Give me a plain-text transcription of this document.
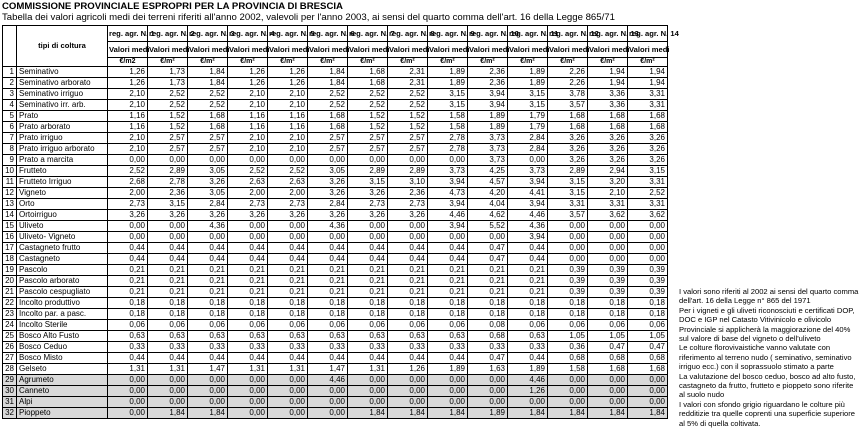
COMMISSIONE PROVINCIALE ESPROPRI PER LA PROVINCIA DI BRESCIA

Tabella dei valori agricoli medi dei terreni riferiti all'anno 2002, valevoli per l'anno 2003, ai sensi del quarto comma dell'art. 16 della Legge 865/71

	tipi di coltura	reg. agr. N. 1	reg. agr. N. 2	reg. agr. N. 3	reg. agr. N. 4	reg. agr. N. 5	reg. agr. N. 6	reg. agr. N. 7	reg. agr. N. 8	reg. agr. N. 9	reg. agr. N. 10	reg. agr. N. 11	reg. agr. N. 12	reg. agr. N. 13	reg. agr. N. 14
		Valori medi	Valori medi	Valori medi	Valori medi	Valori medi	Valori medi	Valori medi	Valori medi	Valori medi	Valori medi	Valori medi	Valori medi	Valori medi	Valori medi
		€/m2	€/m²	€/m²	€/m²	€/m²	€/m²	€/m²	€/m²	€/m²	€/m²	€/m²	€/m²	€/m²	€/m²
1	Seminativo	1,26	1,73	1,84	1,26	1,26	1,84	1,68	2,31	1,89	2,36	1,89	2,26	1,94	1,94
2	Seminativo arborato	1,26	1,73	1,84	1,26	1,26	1,84	1,68	2,31	1,89	2,36	1,89	2,26	1,94	1,94
3	Seminativo irriguo	2,10	2,52	2,52	2,10	2,10	2,52	2,52	2,52	3,15	3,94	3,15	3,78	3,36	3,31
4	Seminativo irr. arb.	2,10	2,52	2,52	2,10	2,10	2,52	2,52	2,52	3,15	3,94	3,15	3,57	3,36	3,31
5	Prato	1,16	1,52	1,68	1,16	1,16	1,68	1,52	1,52	1,58	1,89	1,79	1,68	1,68	1,68
6	Prato arborato	1,16	1,52	1,68	1,16	1,16	1,68	1,52	1,52	1,58	1,89	1,79	1,68	1,68	1,68
7	Prato irriguo	2,10	2,57	2,57	2,10	2,10	2,57	2,57	2,57	2,78	3,73	2,84	3,26	3,26	3,26
8	Prato irriguo arborato	2,10	2,57	2,57	2,10	2,10	2,57	2,57	2,57	2,78	3,73	2,84	3,26	3,26	3,26
9	Prato a marcita	0,00	0,00	0,00	0,00	0,00	0,00	0,00	0,00	0,00	3,73	0,00	3,26	3,26	3,26
10	Frutteto	2,52	2,89	3,05	2,52	2,52	3,05	2,89	2,89	3,73	4,25	3,73	2,89	2,94	3,15
11	Frutteto Irriguo	2,68	2,78	3,26	2,63	2,63	3,26	3,15	3,10	3,94	4,57	3,94	3,15	3,20	3,31
12	Vigneto	2,00	2,36	3,05	2,00	2,00	3,26	3,26	2,36	4,73	4,20	4,41	3,15	2,10	2,52
13	Orto	2,73	3,15	2,84	2,73	2,73	2,84	2,73	2,73	3,94	4,04	3,94	3,31	3,31	3,31
14	Ortoirriguo	3,26	3,26	3,26	3,26	3,26	3,26	3,26	3,26	4,46	4,62	4,46	3,57	3,62	3,62
15	Uliveto	0,00	0,00	4,36	0,00	0,00	4,36	0,00	0,00	3,94	5,52	4,36	0,00	0,00	0,00
16	Uliveto- Vigneto	0,00	0,00	0,00	0,00	0,00	0,00	0,00	0,00	0,00	0,00	3,94	0,00	0,00	0,00
17	Castagneto frutto	0,44	0,44	0,44	0,44	0,44	0,44	0,44	0,44	0,44	0,47	0,44	0,00	0,00	0,00
18	Castagneto	0,44	0,44	0,44	0,44	0,44	0,44	0,44	0,44	0,44	0,47	0,44	0,00	0,00	0,00
19	Pascolo	0,21	0,21	0,21	0,21	0,21	0,21	0,21	0,21	0,21	0,21	0,21	0,39	0,39	0,39
20	Pascolo arborato	0,21	0,21	0,21	0,21	0,21	0,21	0,21	0,21	0,21	0,21	0,21	0,39	0,39	0,39
21	Pascolo cespugliato	0,21	0,21	0,21	0,21	0,21	0,21	0,21	0,21	0,21	0,21	0,21	0,39	0,39	0,39
22	Incolto produttivo	0,18	0,18	0,18	0,18	0,18	0,18	0,18	0,18	0,18	0,18	0,18	0,18	0,18	0,18
23	Incolto par. a pasc.	0,18	0,18	0,18	0,18	0,18	0,18	0,18	0,18	0,18	0,18	0,18	0,18	0,18	0,18
24	Incolto Sterile	0,06	0,06	0,06	0,06	0,06	0,06	0,06	0,06	0,06	0,08	0,06	0,06	0,06	0,06
25	Bosco Alto Fusto	0,63	0,63	0,63	0,63	0,63	0,63	0,63	0,63	0,63	0,68	0,63	1,05	1,05	1,05
26	Bosco Ceduo	0,33	0,33	0,33	0,33	0,33	0,33	0,33	0,33	0,33	0,33	0,33	0,36	0,47	0,47
27	Bosco Misto	0,44	0,44	0,44	0,44	0,44	0,44	0,44	0,44	0,44	0,47	0,44	0,68	0,68	0,68
28	Gelseto	1,31	1,31	1,47	1,31	1,31	1,47	1,31	1,26	1,89	1,63	1,89	1,58	1,68	1,68
29	Agrumeto	0,00	0,00	0,00	0,00	0,00	4,46	0,00	0,00	0,00	0,00	4,46	0,00	0,00	0,00
30	Canneto	0,00	0,00	0,00	0,00	0,00	0,00	0,00	0,00	0,00	0,00	1,26	0,00	0,00	0,00
31	Alpi	0,00	0,00	0,00	0,00	0,00	0,00	0,00	0,00	0,00	0,00	0,00	0,00	0,00	0,00
32	Pioppeto	0,00	1,84	1,84	0,00	0,00	0,00	1,84	1,84	1,84	1,89	1,84	1,84	1,84	1,84

I valori sono riferiti al 2002 ai sensi del quarto comma dell'art. 16 della Legge n° 865 del 1971

Per i vigneti e gli uliveti riconosciuti e certificati DOP, DOC e IGP nel Catasto Vitivinicolo e olivicolo Provinciale si applicherà la maggiorazione del 40% sul valore di base del vigneto o dell'uliveto

Le colture florovivaistiche vanno valutate con riferimento al terreno nudo ( seminativo, seminativo irriguo ecc.) con il soprassuolo stimato a parte

La valutazione del bosco ceduo, bosco ad alto fusto, castagneto da frutto, frutteto e pioppeto sono riferite al suolo nudo

I valori con sfondo grigio riguardano le colture più redditizie tra quelle coprenti una superficie superiore al 5% di quella coltivata.
